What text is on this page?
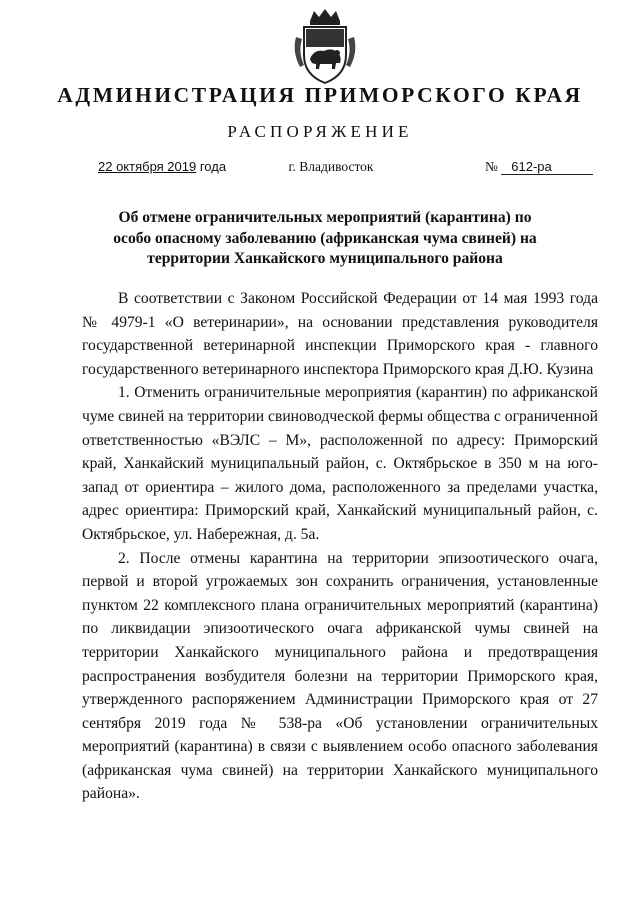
АДМИНИСТРАЦИЯ ПРИМОРСКОГО КРАЯ
РАСПОРЯЖЕНИЕ
22 октября 2019 года	г. Владивосток	№ 612-ра
Об отмене ограничительных мероприятий (карантина) по особо опасному заболеванию (африканская чума свиней) на территории Ханкайского муниципального района

В соответствии с Законом Российской Федерации от 14 мая 1993 года № 4979-1 «О ветеринарии», на основании представления руководителя государственной ветеринарной инспекции Приморского края - главного государственного ветеринарного инспектора Приморского края Д.Ю. Кузина

1. Отменить ограничительные мероприятия (карантин) по африканской чуме свиней на территории свиноводческой фермы общества с ограниченной ответственностью «ВЭЛС – М», расположенной по адресу: Приморский край, Ханкайский муниципальный район, с. Октябрьское в 350 м на юго-запад от ориентира – жилого дома, расположенного за пределами участка, адрес ориентира: Приморский край, Ханкайский муниципальный район, с. Октябрьское, ул. Набережная, д. 5а.

2. После отмены карантина на территории эпизоотического очага, первой и второй угрожаемых зон сохранить ограничения, установленные пунктом 22 комплексного плана ограничительных мероприятий (карантина) по ликвидации эпизоотического очага африканской чумы свиней на территории Ханкайского муниципального района и предотвращения распространения возбудителя болезни на территории Приморского края, утвержденного распоряжением Администрации Приморского края от 27 сентября 2019 года № 538-ра «Об установлении ограничительных мероприятий (карантина) в связи с выявлением особо опасного заболевания (африканская чума свиней) на территории Ханкайского муниципального района».
